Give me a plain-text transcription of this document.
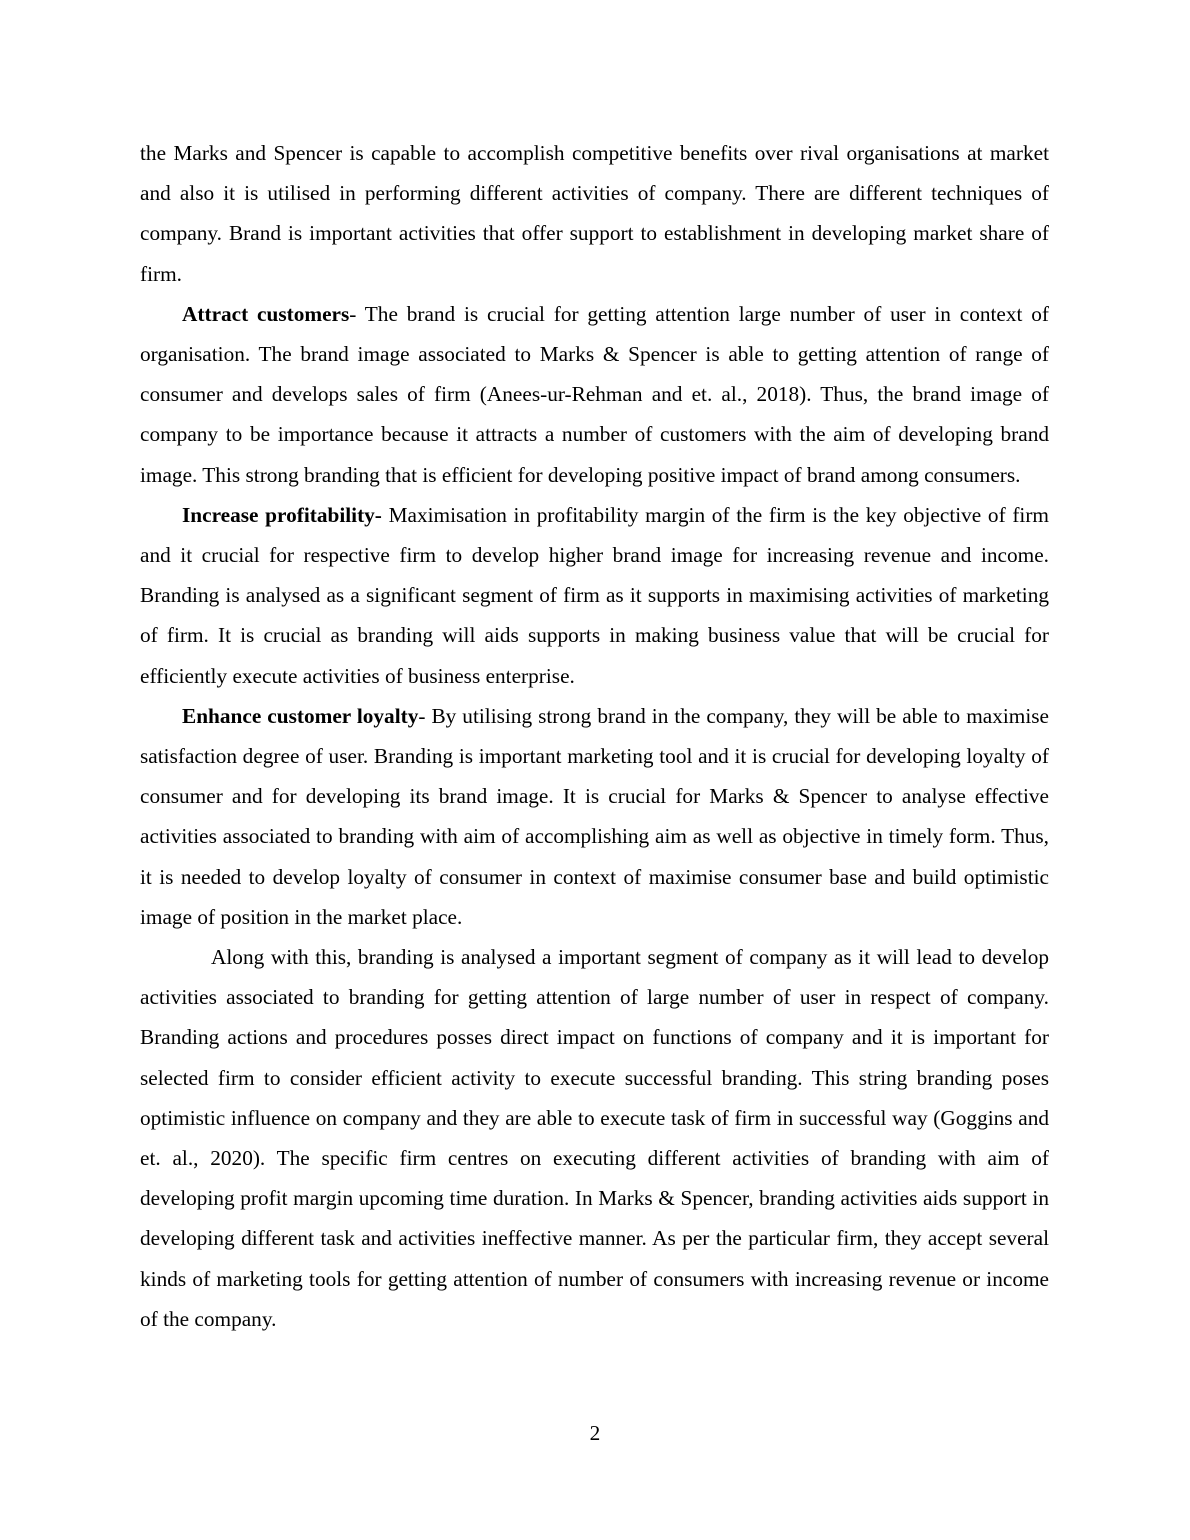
the Marks and Spencer is capable to accomplish competitive benefits over rival organisations at market and also it is utilised in performing different activities of company. There are different techniques of company. Brand is important activities that offer support to establishment in developing market share of firm.

Attract customers- The brand is crucial for getting attention large number of user in context of organisation. The brand image associated to Marks & Spencer is able to getting attention of range of consumer and develops sales of firm (Anees-ur-Rehman and et. al., 2018). Thus, the brand image of company to be importance because it attracts a number of customers with the aim of developing brand image. This strong branding that is efficient for developing positive impact of brand among consumers.

Increase profitability- Maximisation in profitability margin of the firm is the key objective of firm and it crucial for respective firm to develop higher brand image for increasing revenue and income. Branding is analysed as a significant segment of firm as it supports in maximising activities of marketing of firm. It is crucial as branding will aids supports in making business value that will be crucial for efficiently execute activities of business enterprise.

Enhance customer loyalty- By utilising strong brand in the company, they will be able to maximise satisfaction degree of user. Branding is important marketing tool and it is crucial for developing loyalty of consumer and for developing its brand image. It is crucial for Marks & Spencer to analyse effective activities associated to branding with aim of accomplishing aim as well as objective in timely form. Thus, it is needed to develop loyalty of consumer in context of maximise consumer base and build optimistic image of position in the market place.

Along with this, branding is analysed a important segment of company as it will lead to develop activities associated to branding for getting attention of large number of user in respect of company. Branding actions and procedures posses direct impact on functions of company and it is important for selected firm to consider efficient activity to execute successful branding. This string branding poses optimistic influence on company and they are able to execute task of firm in successful way (Goggins and et. al., 2020). The specific firm centres on executing different activities of branding with aim of developing profit margin upcoming time duration. In Marks & Spencer, branding activities aids support in developing different task and activities ineffective manner. As per the particular firm, they accept several kinds of marketing tools for getting attention of number of consumers with increasing revenue or income of the company.

2
